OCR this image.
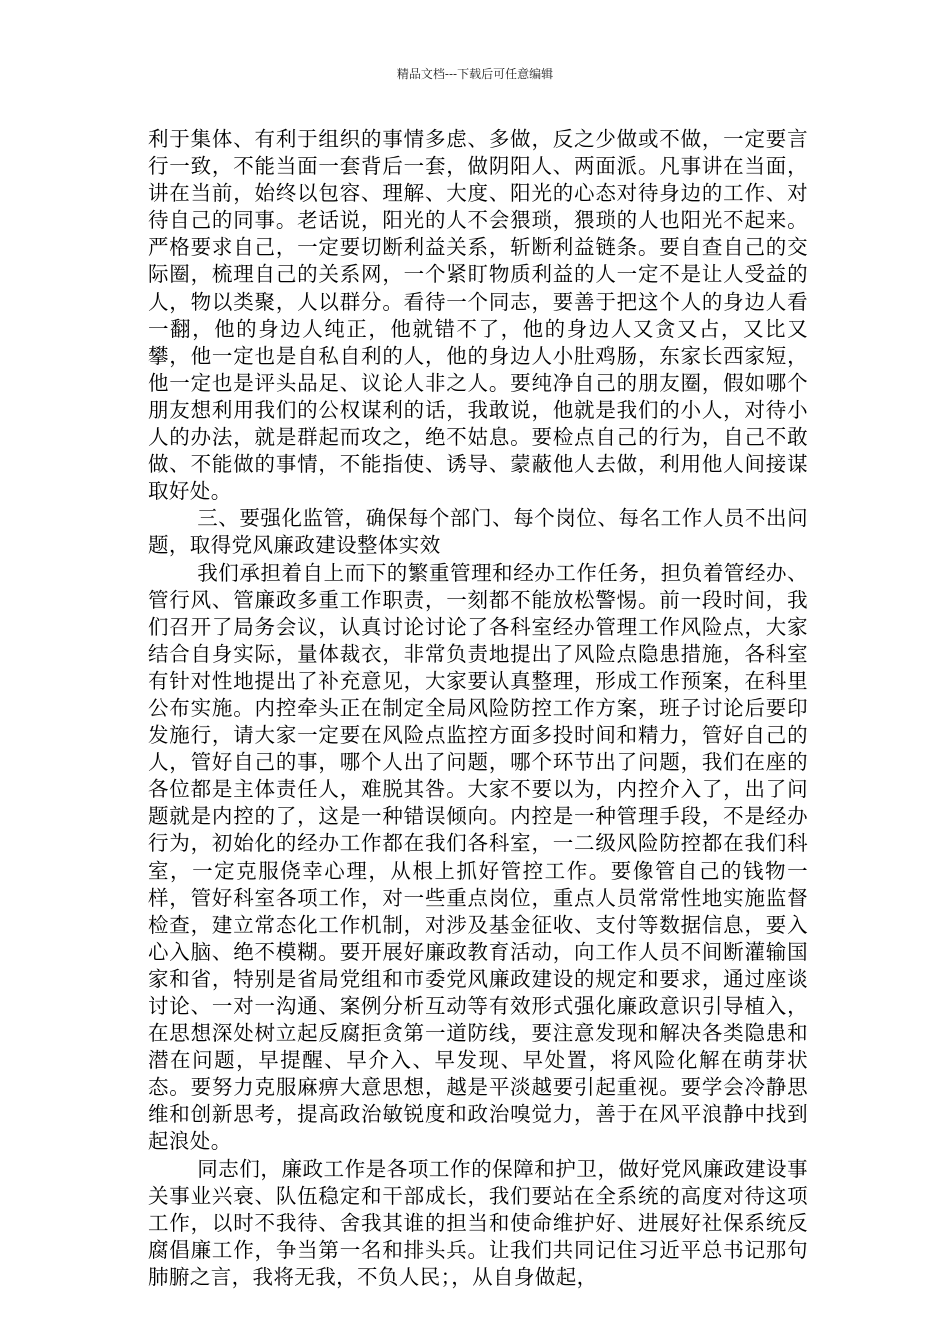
精品文档---下载后可任意编辑

利于集体、有利于组织的事情多虑、多做，反之少做或不做，一定要言行一致，不能当面一套背后一套，做阴阳人、两面派。凡事讲在当面，讲在当前，始终以包容、理解、大度、阳光的心态对待身边的工作、对待自己的同事。老话说，阳光的人不会猥琐，猥琐的人也阳光不起来。严格要求自己，一定要切断利益关系，斩断利益链条。要自查自己的交际圈，梳理自己的关系网，一个紧盯物质利益的人一定不是让人受益的人，物以类聚，人以群分。看待一个同志，要善于把这个人的身边人看一翻，他的身边人纯正，他就错不了，他的身边人又贪又占，又比又攀，他一定也是自私自利的人，他的身边人小肚鸡肠，东家长西家短，他一定也是评头品足、议论人非之人。要纯净自己的朋友圈，假如哪个朋友想利用我们的公权谋利的话，我敢说，他就是我们的小人，对待小人的办法，就是群起而攻之，绝不姑息。要检点自己的行为，自己不敢做、不能做的事情，不能指使、诱导、蒙蔽他人去做，利用他人间接谋取好处。

三、要强化监管，确保每个部门、每个岗位、每名工作人员不出问题，取得党风廉政建设整体实效

我们承担着自上而下的繁重管理和经办工作任务，担负着管经办、管行风、管廉政多重工作职责，一刻都不能放松警惕。前一段时间，我们召开了局务会议，认真讨论讨论了各科室经办管理工作风险点，大家结合自身实际，量体裁衣，非常负责地提出了风险点隐患措施，各科室有针对性地提出了补充意见，大家要认真整理，形成工作预案，在科里公布实施。内控牵头正在制定全局风险防控工作方案，班子讨论后要印发施行，请大家一定要在风险点监控方面多投时间和精力，管好自己的人，管好自己的事，哪个人出了问题，哪个环节出了问题，我们在座的各位都是主体责任人，难脱其咎。大家不要以为，内控介入了，出了问题就是内控的了，这是一种错误倾向。内控是一种管理手段，不是经办行为，初始化的经办工作都在我们各科室，一二级风险防控都在我们科室，一定克服侥幸心理，从根上抓好管控工作。要像管自己的钱物一样，管好科室各项工作，对一些重点岗位，重点人员常常性地实施监督检查，建立常态化工作机制，对涉及基金征收、支付等数据信息，要入心入脑、绝不模糊。要开展好廉政教育活动，向工作人员不间断灌输国家和省，特别是省局党组和市委党风廉政建设的规定和要求，通过座谈讨论、一对一沟通、案例分析互动等有效形式强化廉政意识引导植入，在思想深处树立起反腐拒贪第一道防线，要注意发现和解决各类隐患和潜在问题，早提醒、早介入、早发现、早处置，将风险化解在萌芽状态。要努力克服麻痹大意思想，越是平淡越要引起重视。要学会冷静思维和创新思考，提高政治敏锐度和政治嗅觉力，善于在风平浪静中找到起浪处。

同志们，廉政工作是各项工作的保障和护卫，做好党风廉政建设事关事业兴衰、队伍稳定和干部成长，我们要站在全系统的高度对待这项工作，以时不我待、舍我其谁的担当和使命维护好、进展好社保系统反腐倡廉工作，争当第一名和排头兵。让我们共同记住习近平总书记那句肺腑之言，我将无我，不负人民；，从自身做起，
